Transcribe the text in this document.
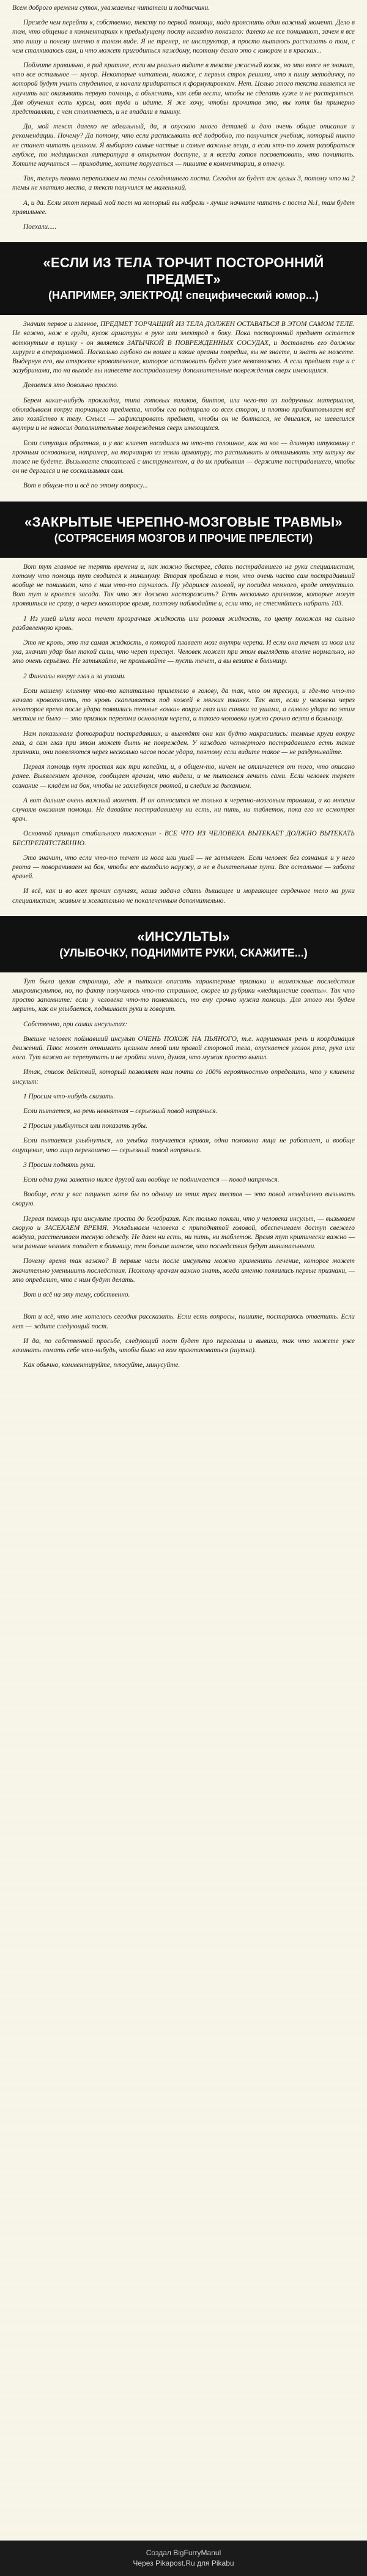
Всем доброго времени суток, уважаемые читатели и подписчики.

Прежде чем перейти к, собственно, тексту по первой помощи, надо прояснить один важный момент. Дело в том, что общение в комментариях к предыдущему посту наглядно показало: далеко не все понимают, зачем я все это пишу и почему именно в таком виде. Я не тренер, не инструктор, я просто пытаюсь рассказать о том, с чем сталкиваюсь сам, и что может пригодиться каждому, поэтому делаю это с юмором и в красках...

Поймите правильно, я рад критике, если вы реально видите в тексте ужасный косяк, но это вовсе не значит, что все остальное — мусор. Некоторые читатели, похоже, с первых строк решили, что я пишу методичку, по которой будут учить студентов, и начали придираться к формулировкам. Нет. Целью этого текста является не научить вас оказывать первую помощь, а объяснить, как себя вести, чтобы не сделать хуже и не растеряться. Для обучения есть курсы, вот туда и идите. Я же хочу, чтобы прочитав это, вы хотя бы примерно представляли, с чем столкнетесь, и не впадали в панику.

Да, мой текст далеко не идеальный, да, я опускаю много деталей и даю очень общие описания и рекомендации. Почему? Да потому, что если расписывать всё подробно, то получится учебник, который никто не станет читать целиком. Я выбираю самые частые и самые важные вещи, а если кто-то хочет разобраться глубже, то медицинская литература в открытом доступе, и я всегда готов посоветовать, что почитать. Хотите научиться — приходите, хотите поругаться — пишите в комментарии, я отвечу.

Так, теперь плавно переползаем на темы сегодняшнего поста. Сегодня их будет аж целых 3, потому что на 2 темы не хватило места, а текст получился не маленький.

А, и да. Если этот первый мой пост на который вы набрели - лучше начните читать с поста №1, там будет правильнее.

Поехали.....

«ЕСЛИ ИЗ ТЕЛА ТОРЧИТ ПОСТОРОННИЙ ПРЕДМЕТ»
(НАПРИМЕР, ЭЛЕКТРОД! специфический юмор...)

Значит первое и главное, ПРЕДМЕТ ТОРЧАЩИЙ ИЗ ТЕЛА ДОЛЖЕН ОСТАВАТЬСЯ В ЭТОМ САМОМ ТЕЛЕ. Не важно, нож в груди, кусок арматуры в руке или электрод в боку. Пока посторонний предмет остается воткнутым в тушку - он является ЗАТЫЧКОЙ В ПОВРЕЖДЕННЫХ СОСУДАХ, и доставать его должны хирурги в операционной. Насколько глубоко он вошел и какие органы повредил, вы не знаете, и знать не можете. Выдернув его, вы откроете кровотечение, которое остановить будет уже невозможно. А если предмет еще и с зазубринами, то на выходе вы нанесете пострадавшему дополнительные повреждения сверх имеющихся.

Делается это довольно просто.

Берем какие-нибудь прокладки, типа готовых валиков, бинтов, или чего-то из подручных материалов, обкладываем вокруг торчащего предмета, чтобы его подпирало со всех сторон, и плотно прибинтовываем всё это хозяйство к телу. Смысл — зафиксировать предмет, чтобы он не болтался, не двигался, не шевелился внутри и не наносил дополнительные повреждения сверх имеющихся.

Если ситуация обратная, и у вас клиент насадился на что-то сплошное, как на кол — длинную штуковину с прочным основанием, например, на торчащую из земли арматуру, то распиливать и отламывать эту штуку вы тоже не будете. Вызываете спасателей с инструментом, а до их прибытия — держите пострадавшего, чтобы он не дергался и не соскальзывал сам.

Вот в общем-то и всё по этому вопросу...

«ЗАКРЫТЫЕ ЧЕРЕПНО-МОЗГОВЫЕ ТРАВМЫ»
(СОТРЯСЕНИЯ МОЗГОВ И ПРОЧИЕ ПРЕЛЕСТИ)

Вот тут главное не терять времени и, как можно быстрее, сдать пострадавшего на руки специалистам, потому что помощь тут сводится к минимуму. Вторая проблема в том, что очень часто сам пострадавший вообще не понимает, что с ним что-то случилось. Ну ударился головой, ну посидел немного, вроде отпустило. Вот тут и кроется засада. Так что же должно насторожить? Есть несколько признаков, которые могут проявиться не сразу, а через некоторое время, поэтому наблюдайте и, если что, не стесняйтесь набрать 103.

1 Из ушей и/или носа течет прозрачная жидкость или розовая жидкость, по цвету похожая на сильно разбавленную кровь.

Это не кровь, это та самая жидкость, в которой плавает мозг внутри черепа. И если она течет из носа или уха, значит удар был такой силы, что череп треснул. Человек может при этом выглядеть вполне нормально, но это очень серьёзно. Не затыкайте, не промывайте — пусть течет, а вы везите в больницу.

2 Фингалы вокруг глаз и за ушами.

Если нашему клиенту что-то капитально прилетело в голову, да так, что он треснул, и где-то что-то начало кровоточить, то кровь скапливается под кожей в мягких тканях. Так вот, если у человека через некоторое время после удара появились темные «очки» вокруг глаз или синяки за ушами, а самого удара по этим местам не было — это признак перелома основания черепа, и такого человека нужно срочно везти в больницу.

Нам показывали фотографии пострадавших, и выглядят они как будто накрасились: темные круги вокруг глаз, а сам глаз при этом может быть не поврежден. У каждого четвертого пострадавшего есть такие признаки, они появляются через несколько часов после удара, поэтому если видите такое — не раздумывайте.

Первая помощь тут простая как три копейки, и, в общем-то, ничем не отличается от того, что описано ранее. Выявлением зрачков, сообщаем врачам, что видели, и не пытаемся лечить сами. Если человек теряет сознание — кладем на бок, чтобы не захлебнулся рвотой, и следим за дыханием.

А вот дальше очень важный момент. И он относится не только к черепно-мозговым травмам, а ко многим случаям оказания помощи. Не давайте пострадавшему ни есть, ни пить, ни таблеток, пока его не осмотрел врач.

Основной принцип стабильного положения - ВСЕ ЧТО ИЗ ЧЕЛОВЕКА ВЫТЕКАЕТ ДОЛЖНО ВЫТЕКАТЬ БЕСПРЕПЯТСТВЕННО.

Это значит, что если что-то течет из носа или ушей — не затыкаем. Если человек без сознания и у него рвота — поворачиваем на бок, чтобы все выходило наружу, а не в дыхательные пути. Все остальное — забота врачей.

И всё, как и во всех прочих случаях, наша задача сдать дышащее и моргающее сердечное тело на руки специалистам, живым и желательно не покалеченным дополнительно.

«ИНСУЛЬТЫ»
(УЛЫБОЧКУ, ПОДНИМИТЕ РУКИ, СКАЖИТЕ...)

Тут была целая страница, где я пытался описать характерные признаки и возможные последствия микроинсультов, но, по факту получилось что-то страшное, скорее из рубрики «медицинские советы». Так что просто запомните: если у человека что-то поменялось, то ему срочно нужна помощь. Для этого мы будем мерить, как он улыбается, поднимает руки и говорит.

Собственно, при самих инсультах:

Внешне человек поймавший инсульт ОЧЕНЬ ПОХОЖ НА ПЬЯНОГО, т.е. нарушенная речь и координация движений. Плюс может отнимать целиком левой или правой стороной тела, опускается уголок рта, рука или нога. Тут важно не перепутать и не пройти мимо, думая, что мужик просто выпил.

Итак, список действий, который позволяет нам почти со 100% вероятностью определить, что у клиента инсульт:

1 Просим что-нибудь сказать.

Если пытается, но речь невнятная – серьезный повод напрячься.

2 Просим улыбнуться или показать зубы.

Если пытается улыбнуться, но улыбка получается кривая, одна половина лица не работает, и вообще ощущение, что лицо перекошено — серьезный повод напрячься.

3 Просим поднять руки.

Если одна рука заметно ниже другой или вообще не поднимается — повод напрячься.

Вообще, если у вас пациент хотя бы по одному из этих трех тестов — это повод немедленно вызывать скорую.

Первая помощь при инсульте проста до безобразия. Как только поняли, что у человека инсульт, — вызываем скорую и ЗАСЕКАЕМ ВРЕМЯ. Укладываем человека с приподнятой головой, обеспечиваем доступ свежего воздуха, расстегиваем тесную одежду. Не даем ни есть, ни пить, ни таблеток. Время тут критически важно — чем раньше человек попадет в больницу, тем больше шансов, что последствия будут минимальными.

Почему время так важно? В первые часы после инсульта можно применить лечение, которое может значительно уменьшить последствия. Поэтому врачам важно знать, когда именно появились первые признаки, — это определит, что с ним будут делать.

Вот и всё на эту тему, собственно.

Вот и всё, что мне хотелось сегодня рассказать. Если есть вопросы, пишите, постараюсь ответить. Если нет — ждите следующий пост.

И да, по собственной просьбе, следующий пост будет про переломы и вывихи, так что можете уже начинать ломать себе что-нибудь, чтобы было на ком практиковаться (шутка).

Как обычно, комментируйте, плюсуйте, минусуйте.

Создал BigFurryManul
Через Pikapost.Ru для Pikabu
